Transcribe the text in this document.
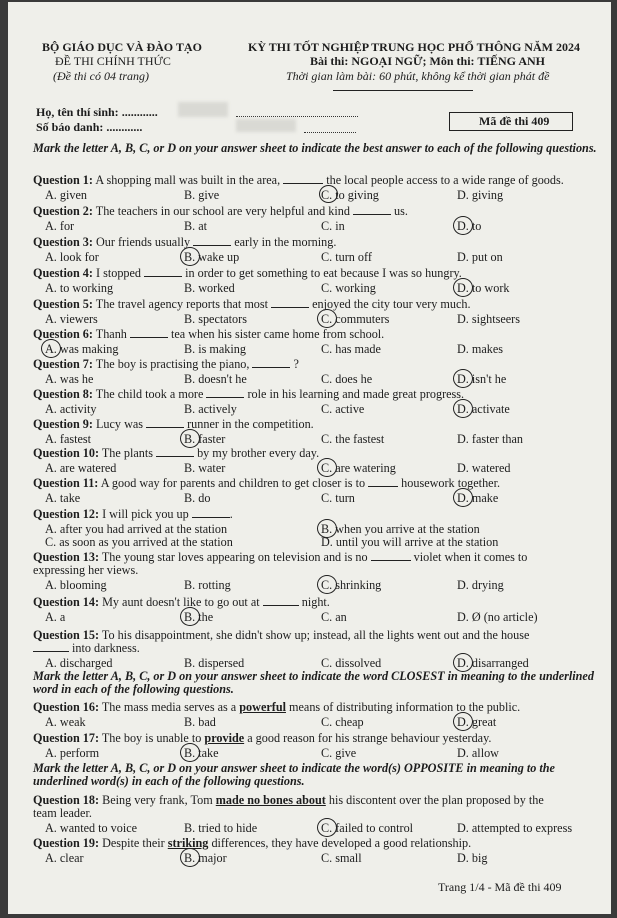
BỘ GIÁO DỤC VÀ ĐÀO TẠO
ĐỀ THI CHÍNH THỨC
(Đề thi có 04 trang)
KỲ THI TỐT NGHIỆP TRUNG HỌC PHỔ THÔNG NĂM 2024
Bài thi: NGOẠI NGỮ; Môn thi: TIẾNG ANH
Thời gian làm bài: 60 phút, không kể thời gian phát đề
Họ, tên thí sinh: ............
Số báo danh: ............	Mã đề thi 409
Mark the letter A, B, C, or D on your answer sheet to indicate the best answer to each of the following questions.
Question 1: A shopping mall was built in the area,	the local people access to a wide range of goods.
A. given	B. give	C. to giving	D. giving
Question 2: The teachers in our school are very helpful and kind	us.
A. for	B. at	C. in	D. to
Question 3: Our friends usually	early in the morning.
A. look for	B. wake up	C. turn off	D. put on
Question 4: I stopped	in order to get something to eat because I was so hungry.
A. to working	B. worked	C. working	D. to work
Question 5: The travel agency reports that most	enjoyed the city tour very much.
A. viewers	B. spectators	C. commuters	D. sightseers
Question 6: Thanh	tea when his sister came home from school.
A. was making	B. is making	C. has made	D. makes
Question 7: The boy is practising the piano,	?
A. was he	B. doesn't he	C. does he	D. isn't he
Question 8: The child took a more	role in his learning and made great progress.
A. activity	B. actively	C. active	D. activate
Question 9: Lucy was	runner in the competition.
A. fastest	B. faster	C. the fastest	D. faster than
Question 10: The plants	by my brother every day.
A. are watered	B. water	C. are watering	D. watered
Question 11: A good way for parents and children to get closer is to	housework together.
A. take	B. do	C. turn	D. make
Question 12: I will pick you up	.
A. after you had arrived at the station	B. when you arrive at the station
C. as soon as you arrived at the station	D. until you will arrive at the station
Question 13: The young star loves appearing on television and is no	violet when it comes to
expressing her views.
A. blooming	B. rotting	C. shrinking	D. drying
Question 14: My aunt doesn't like to go out at	night.
A. a	B. the	C. an	D. Ø (no article)
Question 15: To his disappointment, she didn't show up; instead, all the lights went out and the house
into darkness.
A. discharged	B. dispersed	C. dissolved	D. disarranged
Mark the letter A, B, C, or D on your answer sheet to indicate the word CLOSEST in meaning to the underlined word in each of the following questions.
Question 16: The mass media serves as a powerful means of distributing information to the public.
A. weak	B. bad	C. cheap	D. great
Question 17: The boy is unable to provide a good reason for his strange behaviour yesterday.
A. perform	B. take	C. give	D. allow
Mark the letter A, B, C, or D on your answer sheet to indicate the word(s) OPPOSITE in meaning to the underlined word(s) in each of the following questions.
Question 18: Being very frank, Tom made no bones about his discontent over the plan proposed by the
team leader.
A. wanted to voice	B. tried to hide	C. failed to control	D. attempted to express
Question 19: Despite their striking differences, they have developed a good relationship.
A. clear	B. major	C. small	D. big
Trang 1/4 - Mã đề thi 409
